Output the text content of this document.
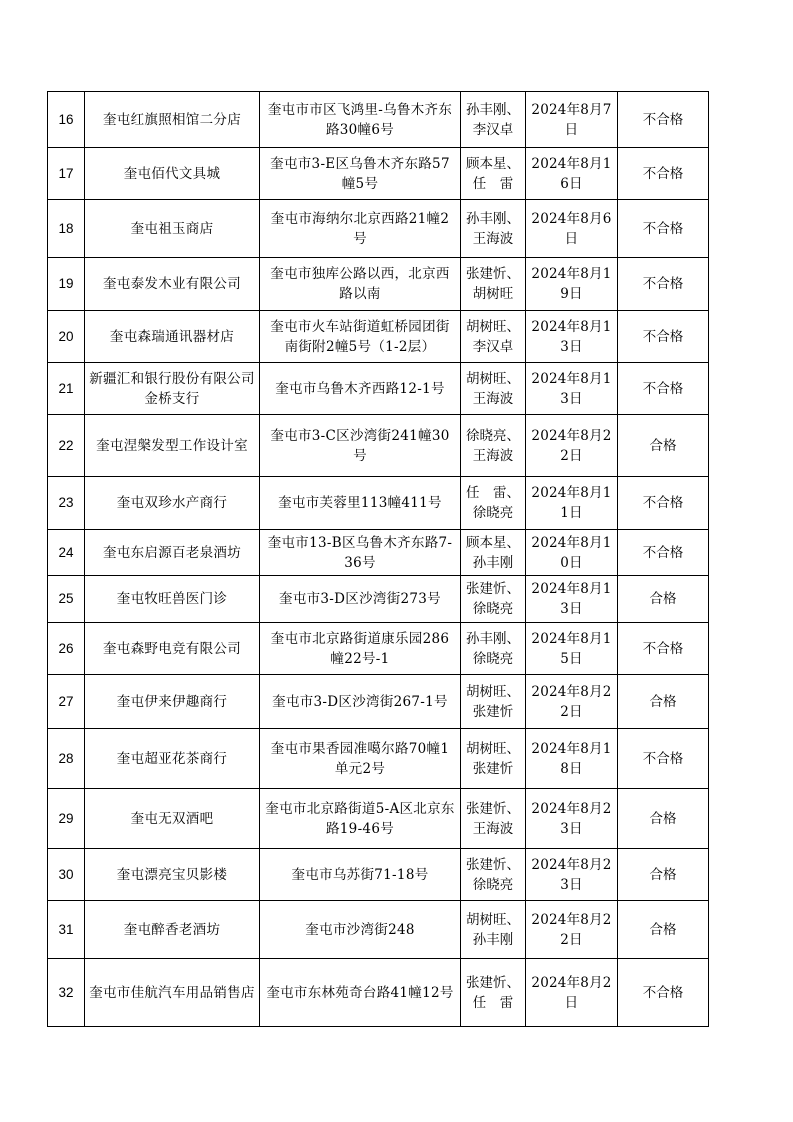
16	奎屯红旗照相馆二分店	奎屯市市区飞鸿里-乌鲁木齐东路30幢6号	孙丰刚、李汉卓	2024年8月7日	不合格
17	奎屯佰代文具城	奎屯市3-E区乌鲁木齐东路57幢5号	顾本星、任　雷	2024年8月16日	不合格
18	奎屯祖玉商店	奎屯市海纳尔北京西路21幢2号	孙丰刚、王海波	2024年8月6日	不合格
19	奎屯泰发木业有限公司	奎屯市独库公路以西，北京西路以南	张建忻、胡树旺	2024年8月19日	不合格
20	奎屯森瑞通讯器材店	奎屯市火车站街道虹桥园团街南街附2幢5号（1-2层）	胡树旺、李汉卓	2024年8月13日	不合格
21	新疆汇和银行股份有限公司金桥支行	奎屯市乌鲁木齐西路12-1号	胡树旺、王海波	2024年8月13日	不合格
22	奎屯涅槃发型工作设计室	奎屯市3-C区沙湾街241幢30号	徐晓亮、王海波	2024年8月22日	合格
23	奎屯双珍水产商行	奎屯市芙蓉里113幢411号	任　雷、徐晓亮	2024年8月11日	不合格
24	奎屯东启源百老泉酒坊	奎屯市13-B区乌鲁木齐东路7-36号	顾本星、孙丰刚	2024年8月10日	不合格
25	奎屯牧旺兽医门诊	奎屯市3-D区沙湾街273号	张建忻、徐晓亮	2024年8月13日	合格
26	奎屯森野电竞有限公司	奎屯市北京路街道康乐园286幢22号-1	孙丰刚、徐晓亮	2024年8月15日	不合格
27	奎屯伊来伊趣商行	奎屯市3-D区沙湾街267-1号	胡树旺、张建忻	2024年8月22日	合格
28	奎屯超亚花茶商行	奎屯市果香园准噶尔路70幢1单元2号	胡树旺、张建忻	2024年8月18日	不合格
29	奎屯无双酒吧	奎屯市北京路街道5-A区北京东路19-46号	张建忻、王海波	2024年8月23日	合格
30	奎屯漂亮宝贝影楼	奎屯市乌苏街71-18号	张建忻、徐晓亮	2024年8月23日	合格
31	奎屯醉香老酒坊	奎屯市沙湾街248	胡树旺、孙丰刚	2024年8月22日	合格
32	奎屯市佳航汽车用品销售店	奎屯市东林苑奇台路41幢12号	张建忻、任　雷	2024年8月2日	不合格
